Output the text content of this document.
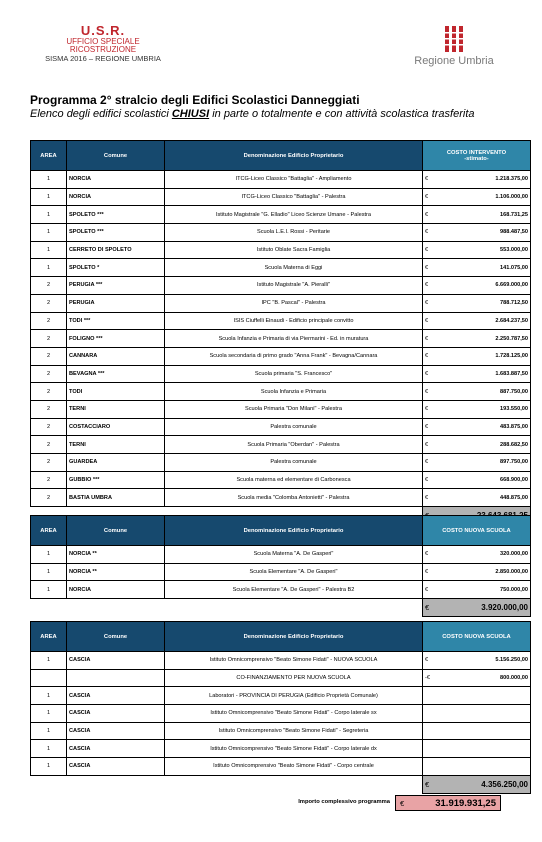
U.S.R.
UFFICIO SPECIALE
RICOSTRUZIONE
SISMA 2016 – REGIONE UMBRIA	Regione Umbria
Programma 2° stralcio degli Edifici Scolastici Danneggiati
Elenco degli edifici scolastici CHIUSI in parte o totalmente e con attività scolastica trasferita
AREA	Comune	Denominazione Edificio Proprietario	COSTO INTERVENTO
-stimato-

1	NORCIA	ITCG-Liceo Classico "Battaglia" - Ampliamento	€ 1.218.375,00

1	NORCIA	ITCG-Liceo Classico "Battaglia" - Palestra	€ 1.106.000,00

1	SPOLETO ***	Istituto Magistrale "G. Elladio" Liceo Scienze Umane - Palestra	€ 168.731,25

1	SPOLETO ***	Scuola L.E.I. Rossi - Peritarie	€ 988.487,50

1	CERRETO DI SPOLETO	Istituto Oblate Sacra Famiglia	€ 553.000,00

1	SPOLETO *	Scuola Materna di Eggi	€ 141.075,00

2	PERUGIA ***	Istituto Magistrale "A. Pieralli"	€ 6.669.000,00

2	PERUGIA	IPC "B. Pascal" - Palestra	€ 788.712,50

2	TODI ***	ISIS Ciuffelli Einaudi - Edificio principale convitto	€ 2.684.237,50

2	FOLIGNO ***	Scuola Infanzia e Primaria di via Piermarini - Ed. in muratura	€ 2.250.787,50

2	CANNARA	Scuola secondaria di primo grado "Anna Frank" - Bevagna/Cannara	€ 1.728.125,00

2	BEVAGNA ***	Scuola primaria "S. Francesco"	€ 1.683.887,50

2	TODI	Scuola Infanzia e Primaria	€ 887.750,00

2	TERNI	Scuola Primaria "Don Milani" - Palestra	€ 193.550,00

2	COSTACCIARO	Palestra comunale	€ 483.875,00

2	TERNI	Scuola Primaria "Oberdan" - Palestra	€ 288.682,50

2	GUARDEA	Palestra comunale	€ 897.750,00

2	GUBBIO ***	Scuola materna ed elementare di Carbonesca	€ 668.900,00

2	BASTIA UMBRA	Scuola media "Colomba Antonietti" - Palestra	€ 448.875,00

AREA	Comune	Denominazione Edificio Proprietario	COSTO NUOVA SCUOLA
1	NORCIA **	Scuola Materna "A. De Gasperi"	€ 320.000,00

1	NORCIA **	Scuola Elementare "A. De Gasperi"	€ 2.850.000,00

1	NORCIA	Scuola Elementare "A. De Gasperi" - Palestra B2	€ 750.000,00

			€ 3.920.000,00
AREA	Comune	Denominazione Edificio Proprietario	COSTO NUOVA SCUOLA
1	CASCIA	Istituto Omnicomprensivo "Beato Simone Fidati" - NUOVA SCUOLA	€ 5.156.250,00

		CO-FINANZIAMENTO PER NUOVA SCUOLA	-€ 800.000,00

1	CASCIA	Laboratori - PROVINCIA DI PERUGIA (Edificio Proprietà Comunale)	

1	CASCIA	Istituto Omnicomprensivo "Beato Simone Fidati" - Corpo laterale sx	

1	CASCIA	Istituto Omnicomprensivo "Beato Simone Fidati" - Segreteria	

1	CASCIA	Istituto Omnicomprensivo "Beato Simone Fidati" - Corpo laterale dx	

1	CASCIA	Istituto Omnicomprensivo "Beato Simone Fidati" - Corpo centrale	

			€ 4.356.250,00
Importo complessivo programma €	31.919.931,25
